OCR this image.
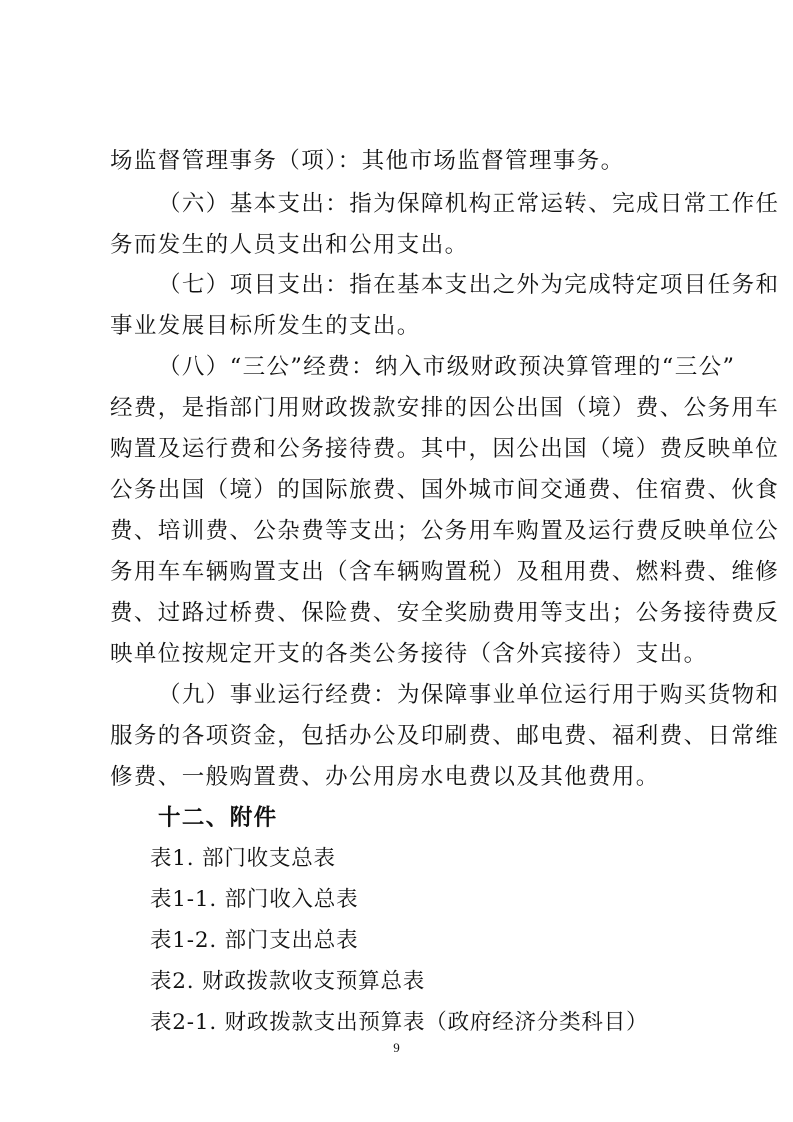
场监督管理事务（项）：其他市场监督管理事务。
（六）基本支出：指为保障机构正常运转、完成日常工作任
务而发生的人员支出和公用支出。
（七）项目支出：指在基本支出之外为完成特定项目任务和
事业发展目标所发生的支出。
（八）“三公”经费：纳入市级财政预决算管理的“三公”
经费，是指部门用财政拨款安排的因公出国（境）费、公务用车
购置及运行费和公务接待费。其中，因公出国（境）费反映单位
公务出国（境）的国际旅费、国外城市间交通费、住宿费、伙食
费、培训费、公杂费等支出；公务用车购置及运行费反映单位公
务用车车辆购置支出（含车辆购置税）及租用费、燃料费、维修
费、过路过桥费、保险费、安全奖励费用等支出；公务接待费反
映单位按规定开支的各类公务接待（含外宾接待）支出。
（九）事业运行经费：为保障事业单位运行用于购买货物和
服务的各项资金，包括办公及印刷费、邮电费、福利费、日常维
修费、一般购置费、办公用房水电费以及其他费用。
十二、附件
表1. 部门收支总表
表1-1. 部门收入总表
表1-2. 部门支出总表
表2. 财政拨款收支预算总表
表2-1. 财政拨款支出预算表（政府经济分类科目）
9
